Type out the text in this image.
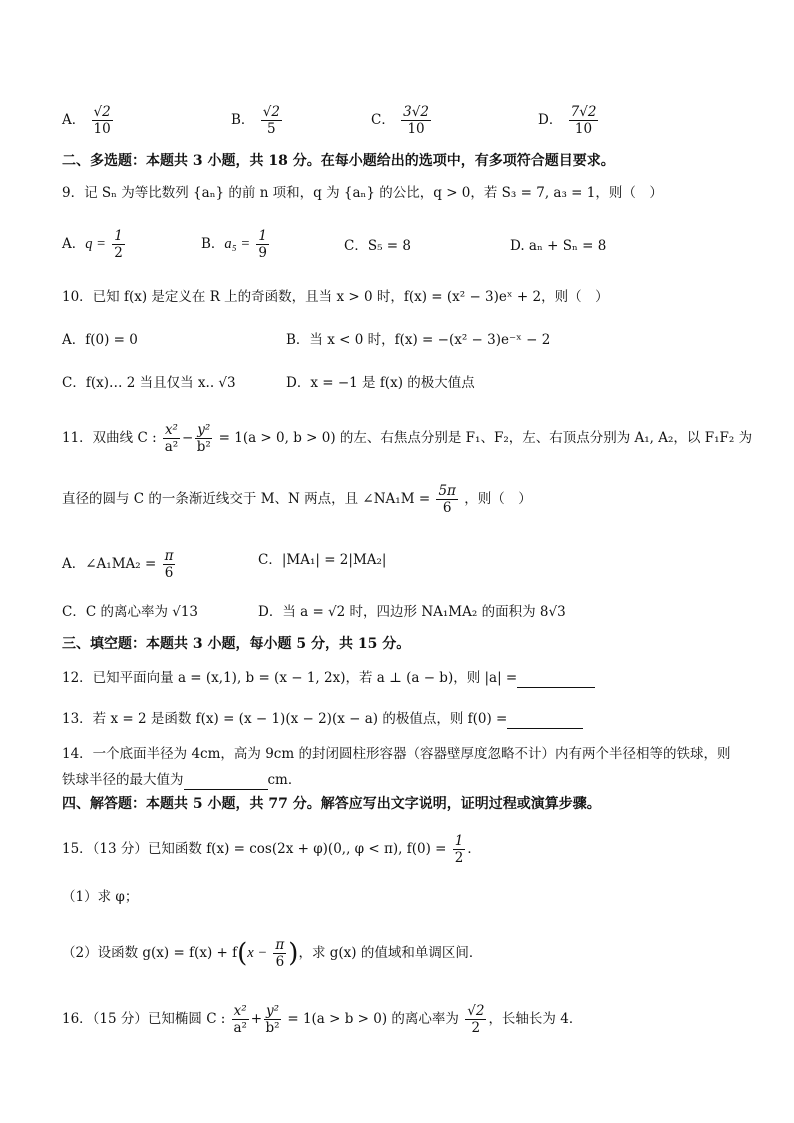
A． $\frac{√2}{10}$	B． $\frac{√2}{5}$	C． $\frac{3√2}{10}$	D． $\frac{7√2}{10}$
二、多选题：本题共 3 小题，共 18 分。在每小题给出的选项中，有多项符合题目要求。
9．记 Sₙ 为等比数列 {aₙ} 的前 n 项和，q 为 {aₙ} 的公比，q > 0，若 S₃ = 7, a₃ = 1，则（　）
A．$q = \frac{1}{2}$	B．$a_5 = \frac{1}{9}$	C．S₅ = 8	D. aₙ + Sₙ = 8
10．已知 f(x) 是定义在 R 上的奇函数，且当 x > 0 时，f(x) = (x² − 3)eˣ + 2，则（　）
A．f(0) = 0	B．当 x < 0 时，f(x) = −(x² − 3)e⁻ˣ − 2
C．f(x)… 2 当且仅当 x.. √3	D．x = −1 是 f(x) 的极大值点
11．双曲线 C : $\frac{\text{x²}}{\text{a²}} - \frac{\text{y²}}{\text{b²}} = 1(a > 0$, b > 0) 的左、右焦点分别是 F₁、F₂，左、右顶点分别为 A₁, A₂，以 F₁F₂ 为
直径的圆与 C 的一条渐近线交于 M、N 两点，且 ∠NA₁M = $\frac{5\pi}{6}$ ，则（　）
A．∠A₁MA₂ = $\frac{\pi}{6}$	C．|MA₁| = 2|MA₂|
C．C 的离心率为 √13	D．当 a = √2 时，四边形 NA₁MA₂ 的面积为 8√3
三、填空题：本题共 3 小题，每小题 5 分，共 15 分。
12．已知平面向量 a = (x,1), b = (x − 1, 2x)，若 a ⊥ (a − b)，则 |a| =
13．若 x = 2 是函数 f(x) = (x − 1)(x − 2)(x − a) 的极值点，则 f(0) =
14．一个底面半径为 4cm，高为 9cm 的封闭圆柱形容器（容器壁厚度忽略不计）内有两个半径相等的铁球，则
铁球半径的最大值为	cm．
四、解答题：本题共 5 小题，共 77 分。解答应写出文字说明，证明过程或演算步骤。
15．（13 分）已知函数 f(x) = cos(2x + φ)(0,, φ < π), $f(0) = \frac{1}{2}$ ．
（1）求 φ；
（2）设函数 $g(x) = f(x) + f(x - \frac{\pi}{6}$ )，求 g(x) 的值域和单调区间．
16．（15 分）已知椭圆 C : $\frac{\text{x²}}{\text{a²}} + \frac{\text{y²}}{\text{b²}} = 1(a > b > 0)$ 的离心率为 $\frac{√2}{2}$ ，长轴长为 4．
